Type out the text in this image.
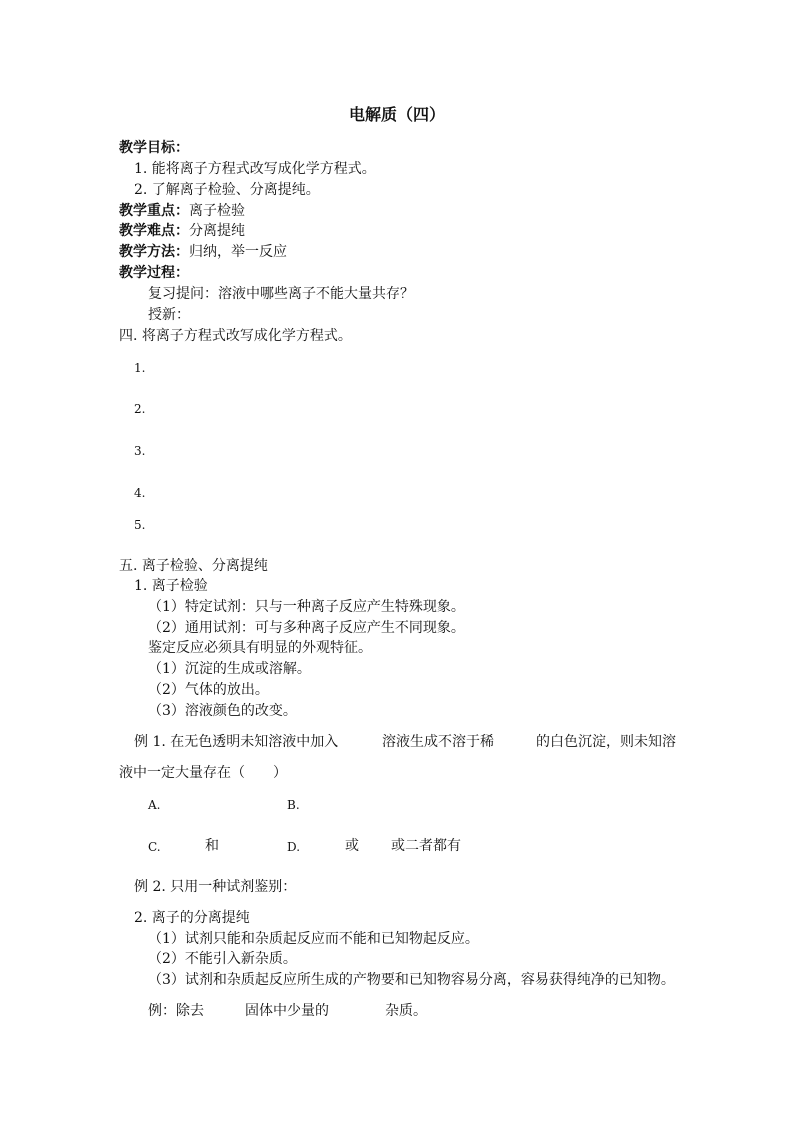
电解质（四）
教学目标：
1. 能将离子方程式改写成化学方程式。
2. 了解离子检验、分离提纯。
教学重点：离子检验
教学难点：分离提纯
教学方法：归纳，举一反应
教学过程：
复习提问：溶液中哪些离子不能大量共存？
授新：
四. 将离子方程式改写成化学方程式。
1.
2.
3.
4.
5.
五. 离子检验、分离提纯
1. 离子检验
（1）特定试剂：只与一种离子反应产生特殊现象。
（2）通用试剂：可与多种离子反应产生不同现象。
鉴定反应必须具有明显的外观特征。
（1）沉淀的生成或溶解。
（2）气体的放出。
（3）溶液颜色的改变。
例 1. 在无色透明未知溶液中加入	溶液生成不溶于稀	的白色沉淀，则未知溶
液中一定大量存在（　　）
A.	B.
C.	和	D.	或 或二者都有
例 2. 只用一种试剂鉴别：
2. 离子的分离提纯
（1）试剂只能和杂质起反应而不能和已知物起反应。
（2）不能引入新杂质。
（3）试剂和杂质起反应所生成的产物要和已知物容易分离，容易获得纯净的已知物。
例：除去	固体中少量的	杂质。
